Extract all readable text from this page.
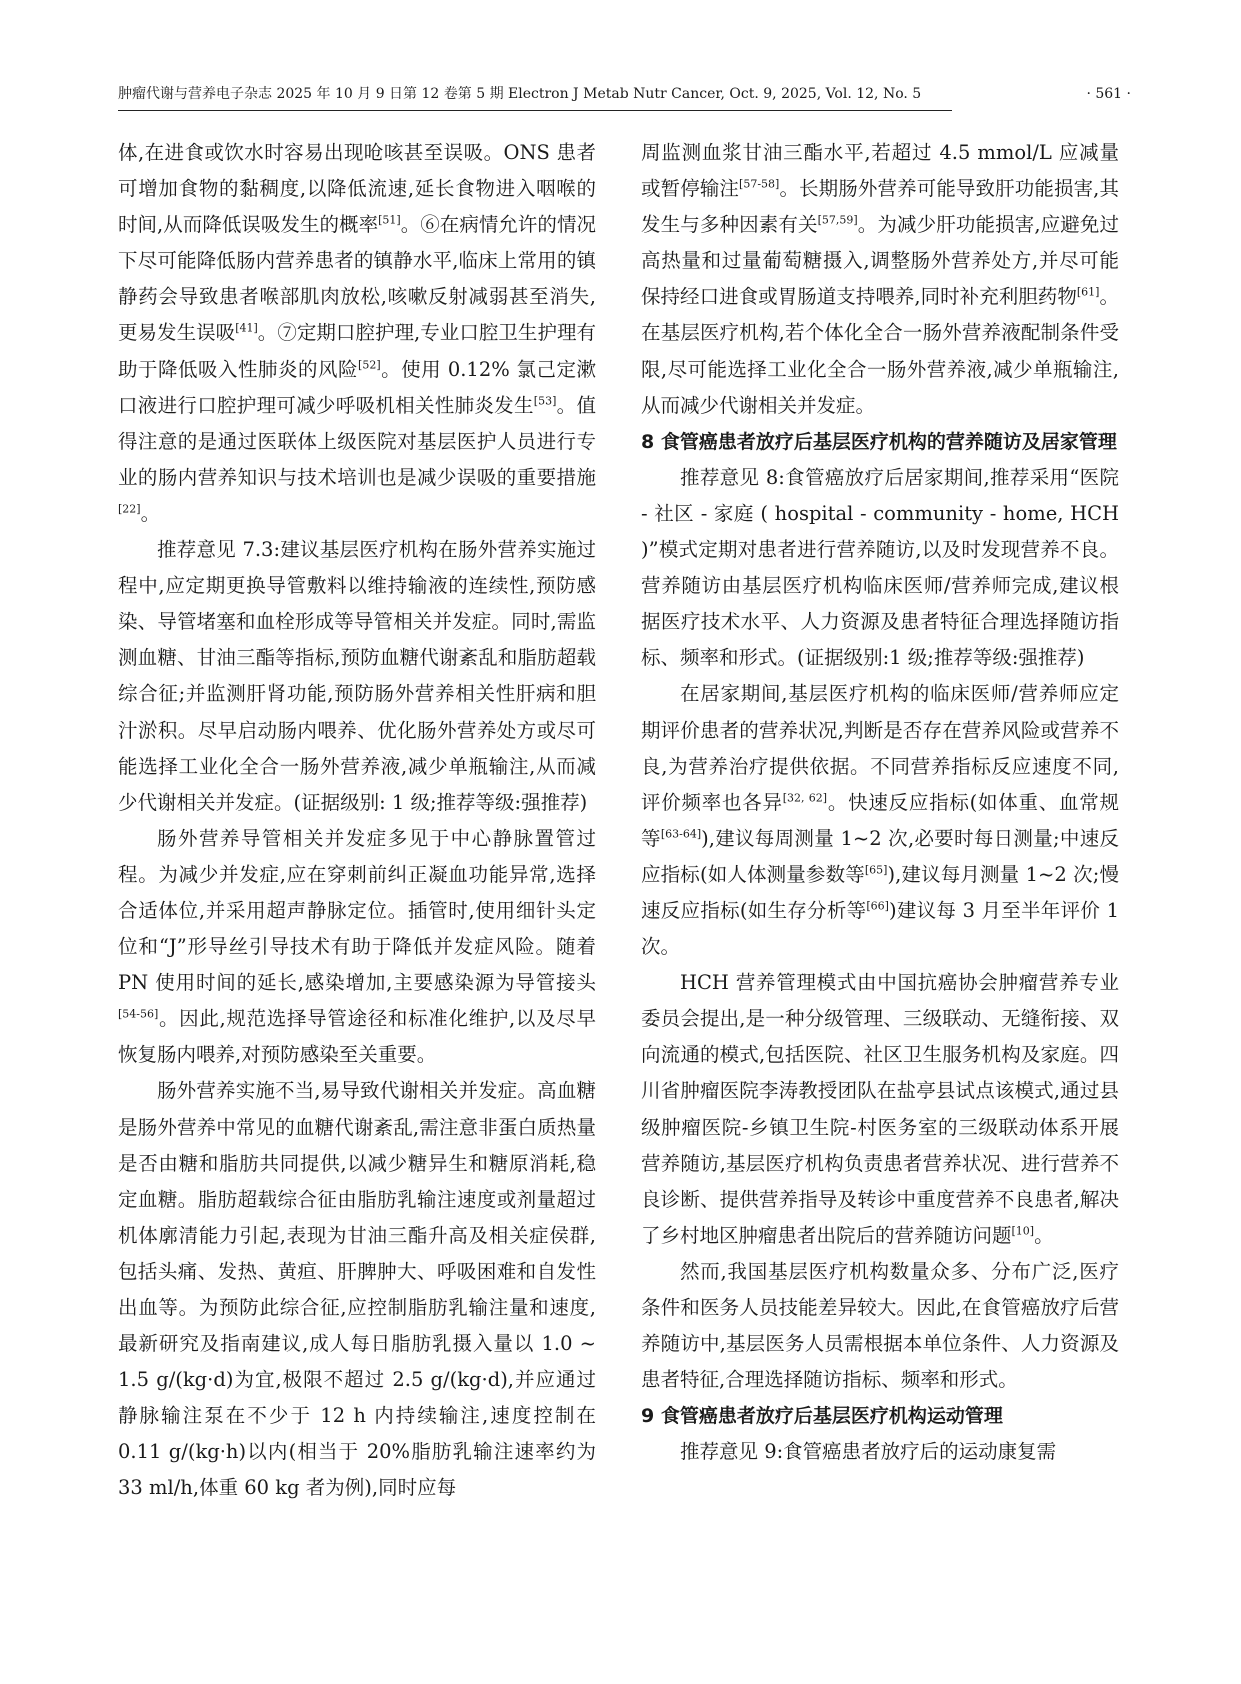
肿瘤代谢与营养电子杂志 2025 年 10 月 9 日第 12 卷第 5 期 Electron J Metab Nutr Cancer, Oct. 9, 2025, Vol. 12, No. 5	· 561 ·

体,在进食或饮水时容易出现呛咳甚至误吸。ONS 患者可增加食物的黏稠度,以降低流速,延长食物进入咽喉的时间,从而降低误吸发生的概率[51]。⑥在病情允许的情况下尽可能降低肠内营养患者的镇静水平,临床上常用的镇静药会导致患者喉部肌肉放松,咳嗽反射减弱甚至消失,更易发生误吸[41]。⑦定期口腔护理,专业口腔卫生护理有助于降低吸入性肺炎的风险[52]。使用 0.12% 氯己定漱口液进行口腔护理可减少呼吸机相关性肺炎发生[53]。值得注意的是通过医联体上级医院对基层医护人员进行专业的肠内营养知识与技术培训也是减少误吸的重要措施[22]。

推荐意见 7.3:建议基层医疗机构在肠外营养实施过程中,应定期更换导管敷料以维持输液的连续性,预防感染、导管堵塞和血栓形成等导管相关并发症。同时,需监测血糖、甘油三酯等指标,预防血糖代谢紊乱和脂肪超载综合征;并监测肝肾功能,预防肠外营养相关性肝病和胆汁淤积。尽早启动肠内喂养、优化肠外营养处方或尽可能选择工业化全合一肠外营养液,减少单瓶输注,从而减少代谢相关并发症。(证据级别: 1 级;推荐等级:强推荐)

肠外营养导管相关并发症多见于中心静脉置管过程。为减少并发症,应在穿刺前纠正凝血功能异常,选择合适体位,并采用超声静脉定位。插管时,使用细针头定位和“J”形导丝引导技术有助于降低并发症风险。随着 PN 使用时间的延长,感染增加,主要感染源为导管接头[54-56]。因此,规范选择导管途径和标准化维护,以及尽早恢复肠内喂养,对预防感染至关重要。

肠外营养实施不当,易导致代谢相关并发症。高血糖是肠外营养中常见的血糖代谢紊乱,需注意非蛋白质热量是否由糖和脂肪共同提供,以减少糖异生和糖原消耗,稳定血糖。脂肪超载综合征由脂肪乳输注速度或剂量超过机体廓清能力引起,表现为甘油三酯升高及相关症侯群,包括头痛、发热、黄疸、肝脾肿大、呼吸困难和自发性出血等。为预防此综合征,应控制脂肪乳输注量和速度,最新研究及指南建议,成人每日脂肪乳摄入量以 1.0 ~ 1.5 g/(kg·d)为宜,极限不超过 2.5 g/(kg·d),并应通过静脉输注泵在不少于 12 h 内持续输注,速度控制在 0.11 g/(kg·h)以内(相当于 20%脂肪乳输注速率约为 33 ml/h,体重 60 kg 者为例),同时应每

周监测血浆甘油三酯水平,若超过 4.5 mmol/L 应减量或暂停输注[57-58]。长期肠外营养可能导致肝功能损害,其发生与多种因素有关[57,59]。为减少肝功能损害,应避免过高热量和过量葡萄糖摄入,调整肠外营养处方,并尽可能保持经口进食或胃肠道支持喂养,同时补充利胆药物[61]。在基层医疗机构,若个体化全合一肠外营养液配制条件受限,尽可能选择工业化全合一肠外营养液,减少单瓶输注,从而减少代谢相关并发症。

8 食管癌患者放疗后基层医疗机构的营养随访及居家管理

推荐意见 8:食管癌放疗后居家期间,推荐采用“医院 - 社区 - 家庭 ( hospital - community - home, HCH )”模式定期对患者进行营养随访,以及时发现营养不良。营养随访由基层医疗机构临床医师/营养师完成,建议根据医疗技术水平、人力资源及患者特征合理选择随访指标、频率和形式。(证据级别:1 级;推荐等级:强推荐)

在居家期间,基层医疗机构的临床医师/营养师应定期评价患者的营养状况,判断是否存在营养风险或营养不良,为营养治疗提供依据。不同营养指标反应速度不同,评价频率也各异[32, 62]。快速反应指标(如体重、血常规等[63-64]),建议每周测量 1~2 次,必要时每日测量;中速反应指标(如人体测量参数等[65]),建议每月测量 1~2 次;慢速反应指标(如生存分析等[66])建议每 3 月至半年评价 1 次。

HCH 营养管理模式由中国抗癌协会肿瘤营养专业委员会提出,是一种分级管理、三级联动、无缝衔接、双向流通的模式,包括医院、社区卫生服务机构及家庭。四川省肿瘤医院李涛教授团队在盐亭县试点该模式,通过县级肿瘤医院-乡镇卫生院-村医务室的三级联动体系开展营养随访,基层医疗机构负责患者营养状况、进行营养不良诊断、提供营养指导及转诊中重度营养不良患者,解决了乡村地区肿瘤患者出院后的营养随访问题[10]。

然而,我国基层医疗机构数量众多、分布广泛,医疗条件和医务人员技能差异较大。因此,在食管癌放疗后营养随访中,基层医务人员需根据本单位条件、人力资源及患者特征,合理选择随访指标、频率和形式。

9 食管癌患者放疗后基层医疗机构运动管理

推荐意见 9:食管癌患者放疗后的运动康复需
